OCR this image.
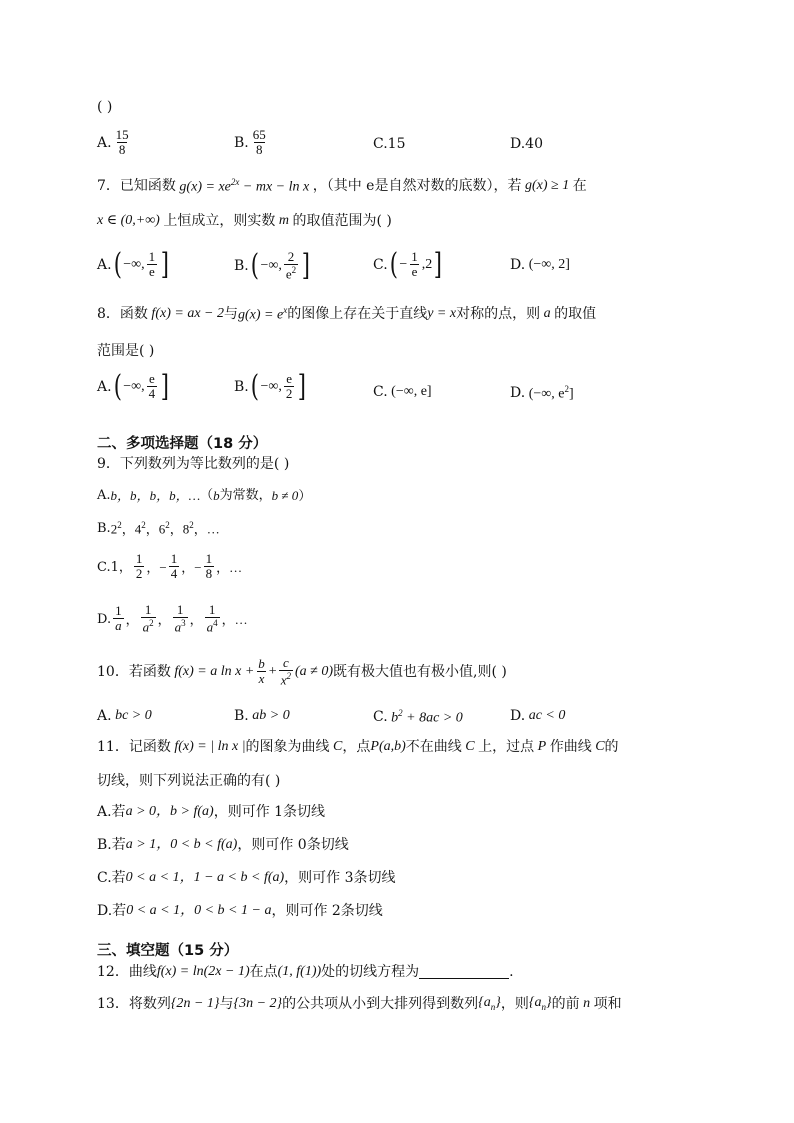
( )
A. $\frac{15}{8}$	B. $\frac{65}{8}$	C.15	D.40
7．已知函数 $g(x) = xe^{2x}$ − mx − ln x ，（其中 e是自然对数的底数），若 g(x) ≥ 1 在
x ∈ (0,+∞) 上恒成立，则实数 m 的取值范围为( )
A. ( −∞, $\frac{1}{e}$ ]	B. ( −∞, $\frac{2}{e^2}$ ]	C. ( − $\frac{1}{e} ,2$ ]	D. (−∞, 2]
8．函数 f(x) = ax − 2 与 $g(x) = e^x$ 的图像上存在关于直线 y = x 对称的点，则 a 的取值
范围是( )
A. ( −∞, $\frac{e}{4}$ ]	B. ( −∞, $\frac{e}{2}$ ]	C. (−∞, e]	D. (−∞, $e^2$]
二、多项选择题（18 分）
9．下列数列为等比数列的是( )
A. b，b，b，b，… （ b 为常数， b ≠ 0 ）
B. $2^2$，$4^2$，$6^2$，$8^2$，…
C.1， $\frac{1}{2}$ ，− $\frac{1}{4}$ ，− $\frac{1}{8}$ ，…
D. $\frac{1}{a}$ ， $\frac{1}{a^2}$ ， $\frac{1}{a^3}$ ， $\frac{1}{a^4}$ ，…
10．若函数 f(x) = a $\ln x + \frac{b}{x} + \frac{c}{x^2} (a \ne 0)$ 既有极大值也有极小值,则( )
A. bc > 0	B. ab > 0	C. $b^2 + 8ac > 0$	D. ac < 0
11．记函数 f(x) = | ln x | 的图象为曲线 C ，点 P(a,b) 不在曲线 C 上，过点 P 作曲线 C 的
切线，则下列说法正确的有( )
A.若 a > 0，b > f(a) ，则可作 1条切线
B.若 a > 1，0 < b < f(a) ，则可作 0条切线
C.若 0 < a < 1，1 − a < b < f(a) ，则可作 3条切线
D.若 0 < a < 1，0 < b < 1 − a ，则可作 2条切线
三、填空题（15 分）
12．曲线 f(x) = ln(2x − 1) 在点 (1, f(1)) 处的切线方程为	.
13．将数列 {2n − 1} 与 {3n − 2} 的公共项从小到大排列得到数列 $\{a_n\}$ ，则 $\{a_n\}$ 的前 n 项和
